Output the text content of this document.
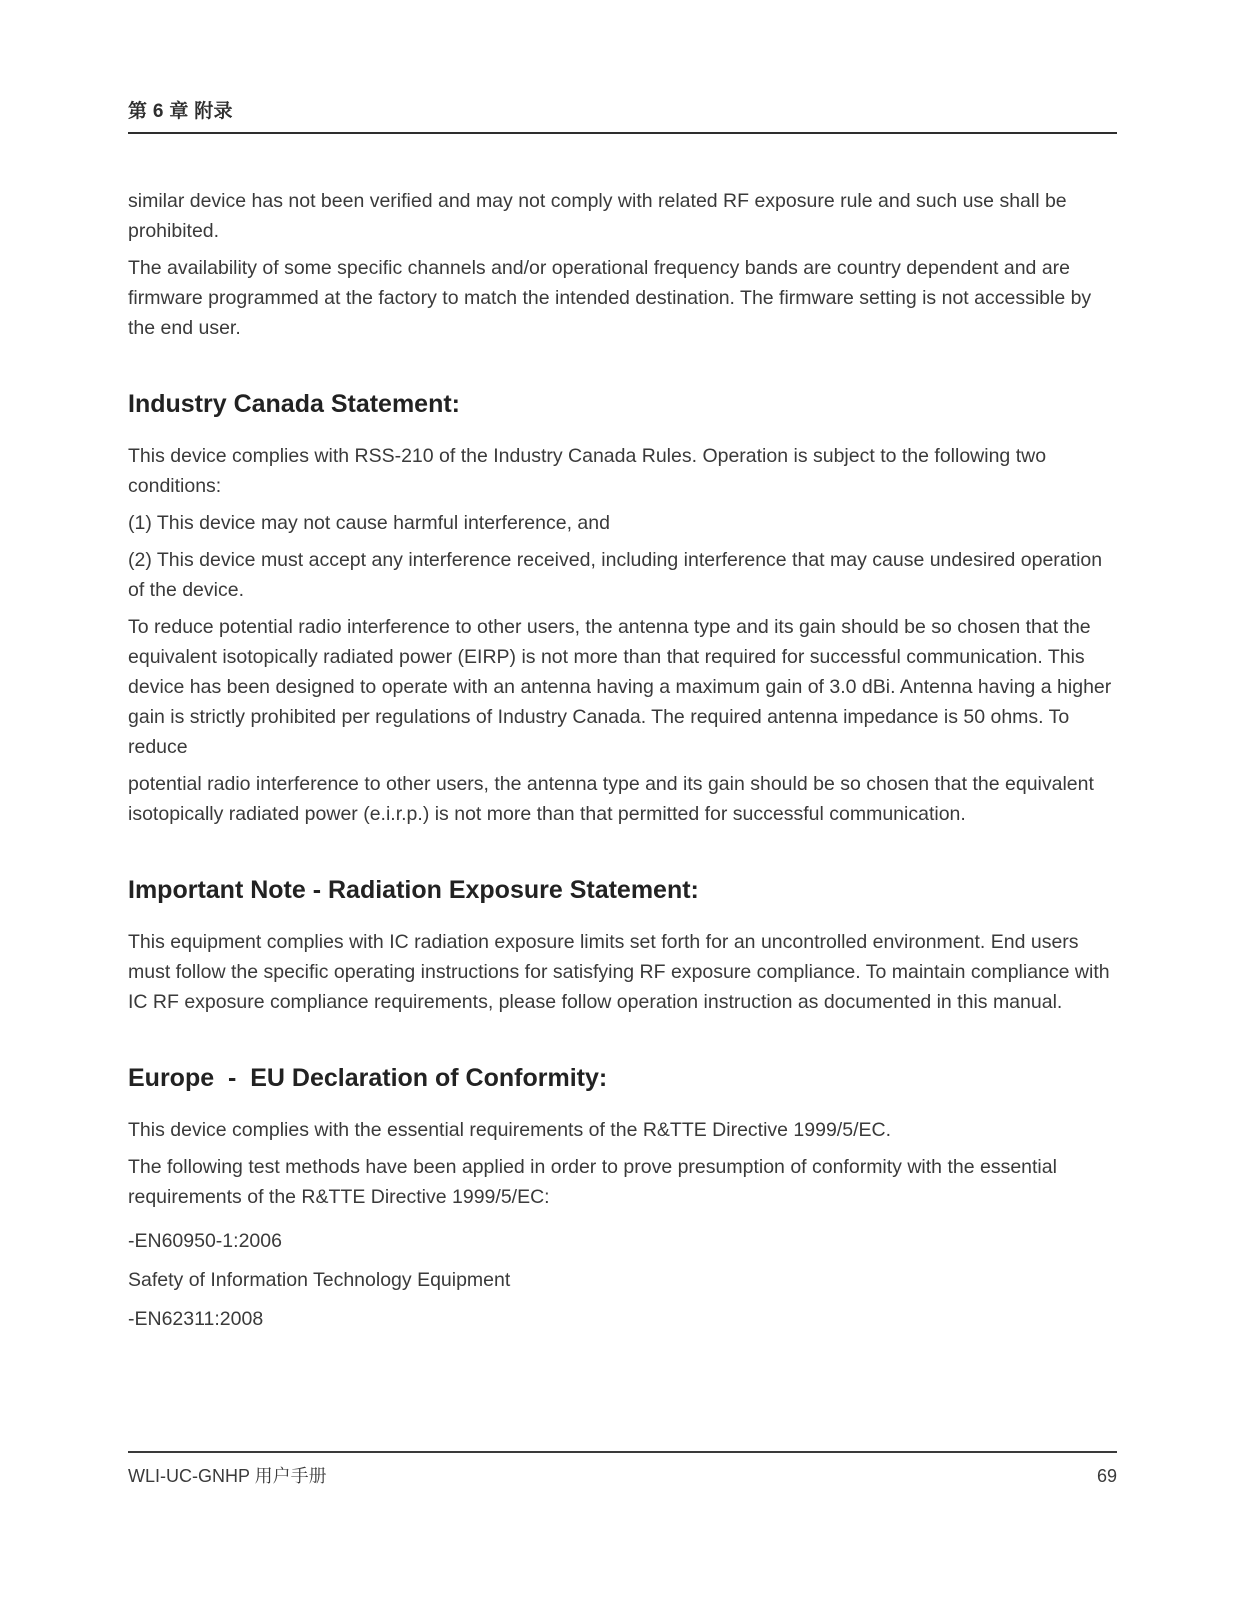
第 6 章 附录

similar device has not been verified and may not comply with related RF exposure rule and such use shall be prohibited.

The availability of some specific channels and/or operational frequency bands are country dependent and are firmware programmed at the factory to match the intended destination. The firmware setting is not accessible by the end user.

Industry Canada Statement:

This device complies with RSS-210 of the Industry Canada Rules. Operation is subject to the following two conditions:

(1) This device may not cause harmful interference, and

(2) This device must accept any interference received, including interference that may cause undesired operation of the device.

To reduce potential radio interference to other users, the antenna type and its gain should be so chosen that the equivalent isotopically radiated power (EIRP) is not more than that required for successful communication. This device has been designed to operate with an antenna having a maximum gain of 3.0 dBi. Antenna having a higher gain is strictly prohibited per regulations of Industry Canada. The required antenna impedance is 50 ohms. To reduce

potential radio interference to other users, the antenna type and its gain should be so chosen that the equivalent isotopically radiated power (e.i.r.p.) is not more than that permitted for successful communication.

Important Note - Radiation Exposure Statement:

This equipment complies with IC radiation exposure limits set forth for an uncontrolled environment. End users must follow the specific operating instructions for satisfying RF exposure compliance. To maintain compliance with IC RF exposure compliance requirements, please follow operation instruction as documented in this manual.

Europe  -  EU Declaration of Conformity:

This device complies with the essential requirements of the R&TTE Directive 1999/5/EC.

The following test methods have been applied in order to prove presumption of conformity with the essential requirements of the R&TTE Directive 1999/5/EC:

-EN60950-1:2006

Safety of Information Technology Equipment

-EN62311:2008

WLI-UC-GNHP 用户手册	69
